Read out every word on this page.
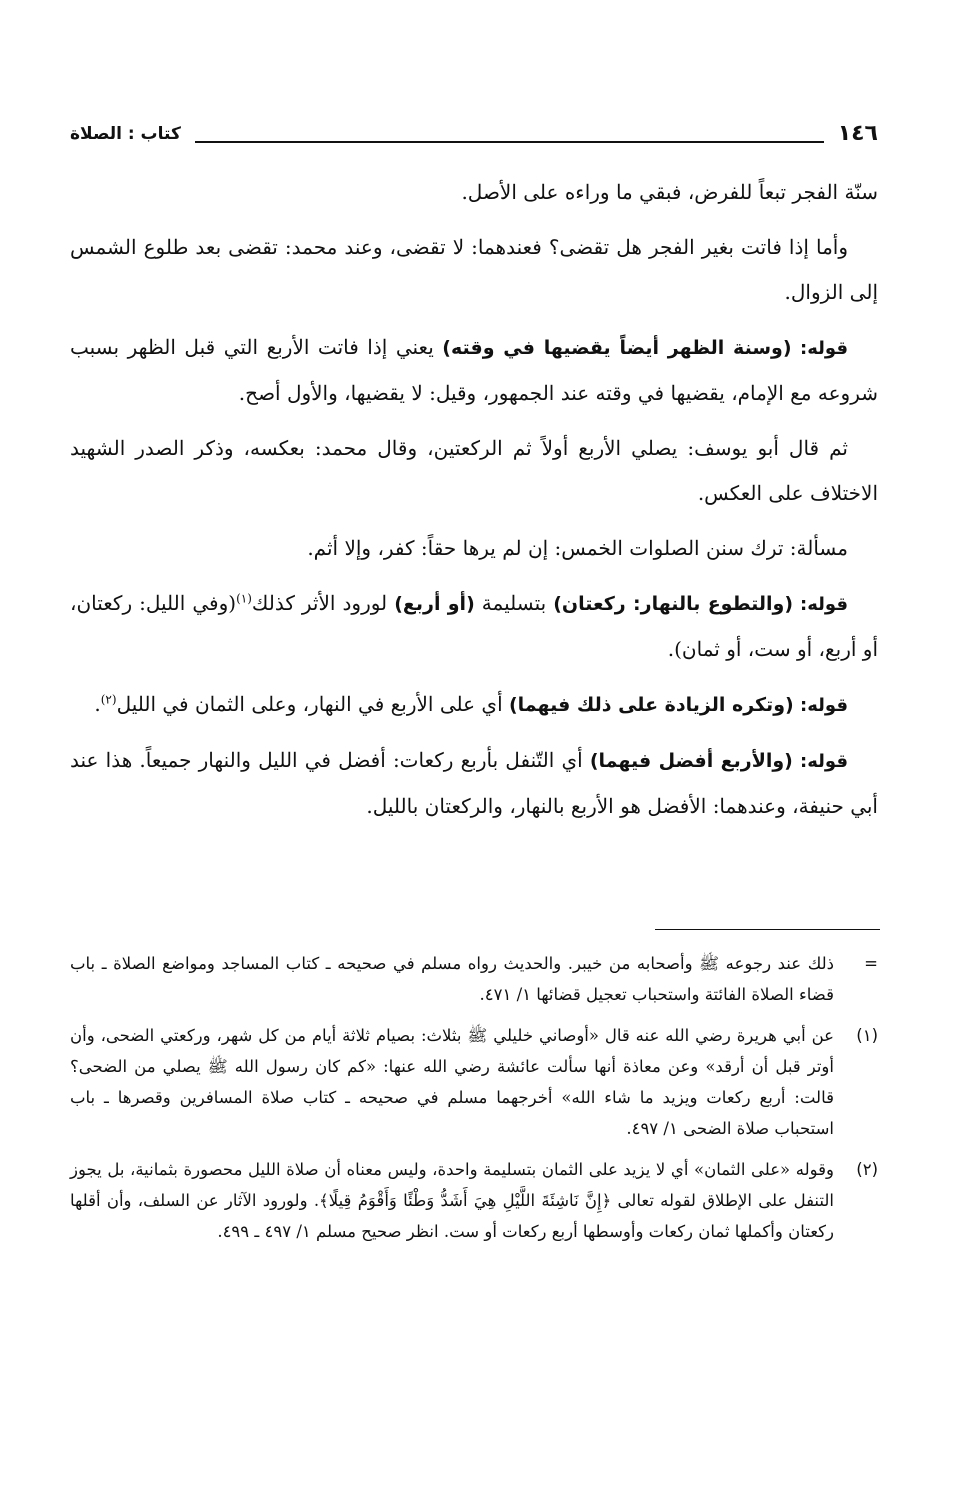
١٤٦
كتاب : الصلاة

سنّة الفجر تبعاً للفرض، فبقي ما وراءه على الأصل.

وأما إذا فاتت بغير الفجر هل تقضى؟ فعندهما: لا تقضى، وعند محمد: تقضى بعد طلوع الشمس إلى الزوال.

قوله: (وسنة الظهر أيضاً يقضيها في وقته) يعني إذا فاتت الأربع التي قبل الظهر بسبب شروعه مع الإمام، يقضيها في وقته عند الجمهور، وقيل: لا يقضيها، والأول أصح.

ثم قال أبو يوسف: يصلي الأربع أولاً ثم الركعتين، وقال محمد: بعكسه، وذكر الصدر الشهيد الاختلاف على العكس.

مسألة: ترك سنن الصلوات الخمس: إن لم يرها حقاً: كفر، وإلا أثم.

قوله: (والتطوع بالنهار: ركعتان) بتسليمة (أو أربع) لورود الأثر كذلك$^{(١)}$(وفي الليل: ركعتان، أو أربع، أو ست، أو ثمان).

قوله: (وتكره الزيادة على ذلك فيهما) أي على الأربع في النهار، وعلى الثمان في الليل$^{(٢)}$.

قوله: (والأربع أفضل فيهما) أي التّنفل بأربع ركعات: أفضل في الليل والنهار جميعاً. هذا عند أبي حنيفة، وعندهما: الأفضل هو الأربع بالنهار، والركعتان بالليل.

=
ذلك عند رجوعه ﷺ وأصحابه من خيبر. والحديث رواه مسلم في صحيحه ـ كتاب المساجد ومواضع الصلاة ـ باب قضاء الصلاة الفائتة واستحباب تعجيل قضائها ١/ ٤٧١.
(١)
عن أبي هريرة رضي الله عنه قال «أوصاني خليلي ﷺ بثلاث: بصيام ثلاثة أيام من كل شهر، وركعتي الضحى، وأن أوتر قبل أن أرقد» وعن معاذة أنها سألت عائشة رضي الله عنها: «كم كان رسول الله ﷺ يصلي من الضحى؟ قالت: أربع ركعات ويزيد ما شاء الله» أخرجهما مسلم في صحيحه ـ كتاب صلاة المسافرين وقصرها ـ باب استحباب صلاة الضحى ١/ ٤٩٧.
(٢)
وقوله «على الثمان» أي لا يزيد على الثمان بتسليمة واحدة، وليس معناه أن صلاة الليل محصورة بثمانية، بل يجوز التنفل على الإطلاق لقوله تعالى ﴿إِنَّ نَاشِئَةَ اللَّيْلِ هِيَ أَشَدُّ وَطْئًا وَأَقْوَمُ قِيلًا﴾. ولورود الآثار عن السلف، وأن أقلها ركعتان وأكملها ثمان ركعات وأوسطها أربع ركعات أو ست. انظر صحيح مسلم ١/ ٤٩٧ ـ ٤٩٩.
